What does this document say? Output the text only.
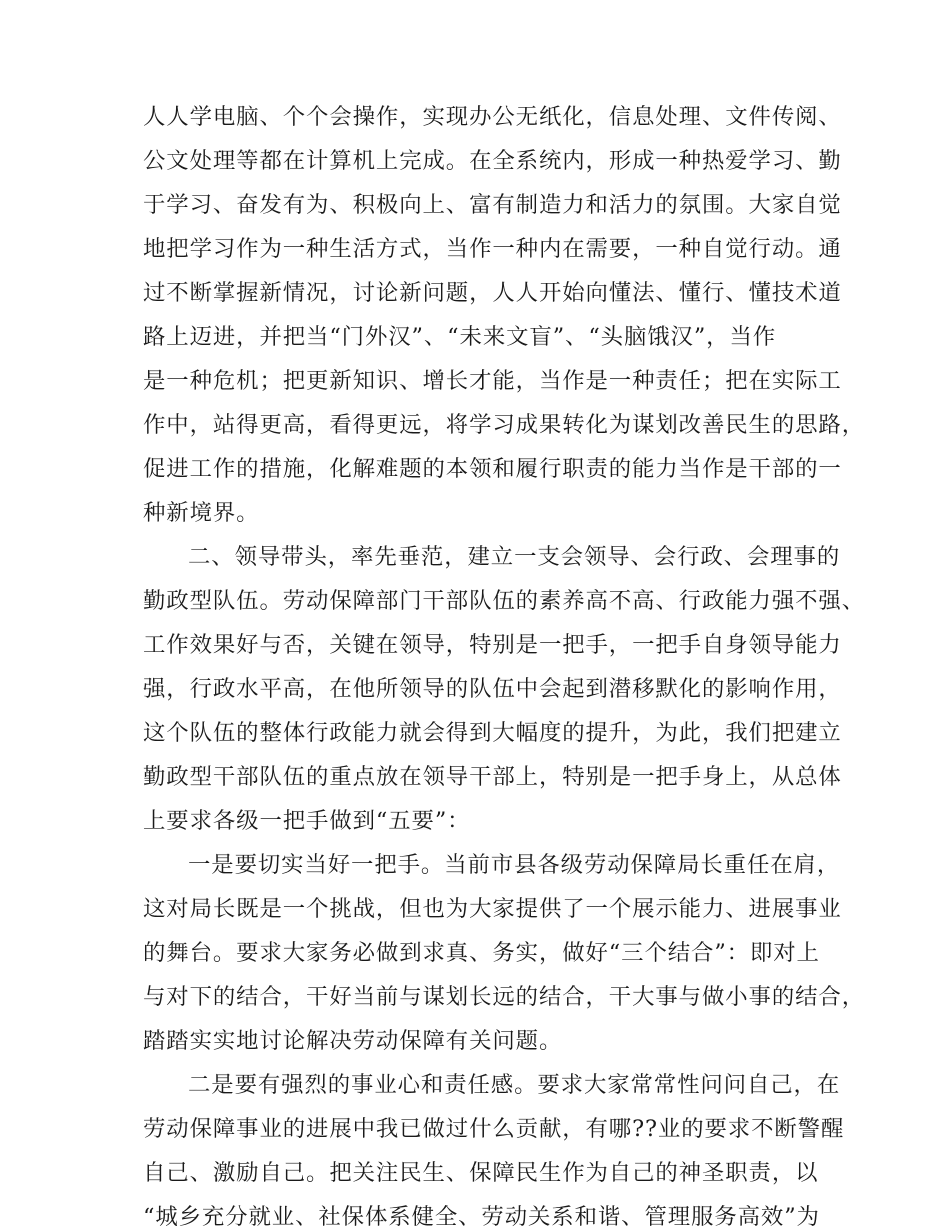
人人学电脑、个个会操作，实现办公无纸化，信息处理、文件传阅、
公文处理等都在计算机上完成。在全系统内，形成一种热爱学习、勤
于学习、奋发有为、积极向上、富有制造力和活力的氛围。大家自觉
地把学习作为一种生活方式，当作一种内在需要，一种自觉行动。通
过不断掌握新情况，讨论新问题，人人开始向懂法、懂行、懂技术道
路上迈进，并把当“门外汉”、“未来文盲”、“头脑饿汉”，当作
是一种危机；把更新知识、增长才能，当作是一种责任；把在实际工
作中，站得更高，看得更远，将学习成果转化为谋划改善民生的思路，
促进工作的措施，化解难题的本领和履行职责的能力当作是干部的一
种新境界。
二、领导带头，率先垂范，建立一支会领导、会行政、会理事的
勤政型队伍。劳动保障部门干部队伍的素养高不高、行政能力强不强、
工作效果好与否，关键在领导，特别是一把手，一把手自身领导能力
强，行政水平高，在他所领导的队伍中会起到潜移默化的影响作用，
这个队伍的整体行政能力就会得到大幅度的提升，为此，我们把建立
勤政型干部队伍的重点放在领导干部上，特别是一把手身上，从总体
上要求各级一把手做到“五要”：
一是要切实当好一把手。当前市县各级劳动保障局长重任在肩，
这对局长既是一个挑战，但也为大家提供了一个展示能力、进展事业
的舞台。要求大家务必做到求真、务实，做好“三个结合”：即对上
与对下的结合，干好当前与谋划长远的结合，干大事与做小事的结合，
踏踏实实地讨论解决劳动保障有关问题。
二是要有强烈的事业心和责任感。要求大家常常性问问自己，在
劳动保障事业的进展中我已做过什么贡献，有哪??业的要求不断警醒
自己、激励自己。把关注民生、保障民生作为自己的神圣职责，以
“城乡充分就业、社保体系健全、劳动关系和谐、管理服务高效”为
